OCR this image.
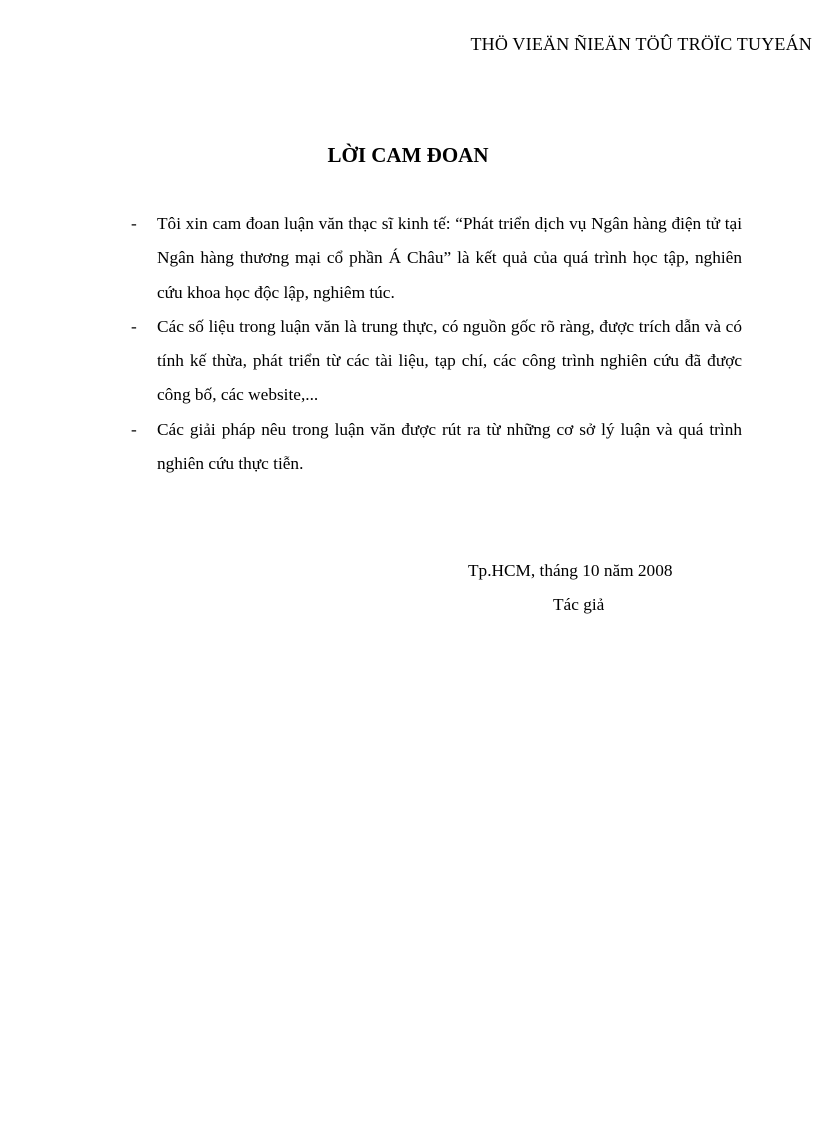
THÖ VIEÄN ÑIEÄN TÖÛ TRÖÏC TUYEÁN
LỜI CAM ĐOAN
- Tôi xin cam đoan luận văn thạc sĩ kinh tế: “Phát triển dịch vụ Ngân hàng điện tử tại Ngân hàng thương mại cổ phần Á Châu” là kết quả của quá trình học tập, nghiên cứu khoa học độc lập, nghiêm túc.
- Các số liệu trong luận văn là trung thực, có nguồn gốc rõ ràng, được trích dẫn và có tính kế thừa, phát triển từ các tài liệu, tạp chí, các công trình nghiên cứu đã được công bố, các website,...
- Các giải pháp nêu trong luận văn được rút ra từ những cơ sở lý luận và quá trình nghiên cứu thực tiễn.
Tp.HCM, tháng 10 năm 2008
Tác giả
